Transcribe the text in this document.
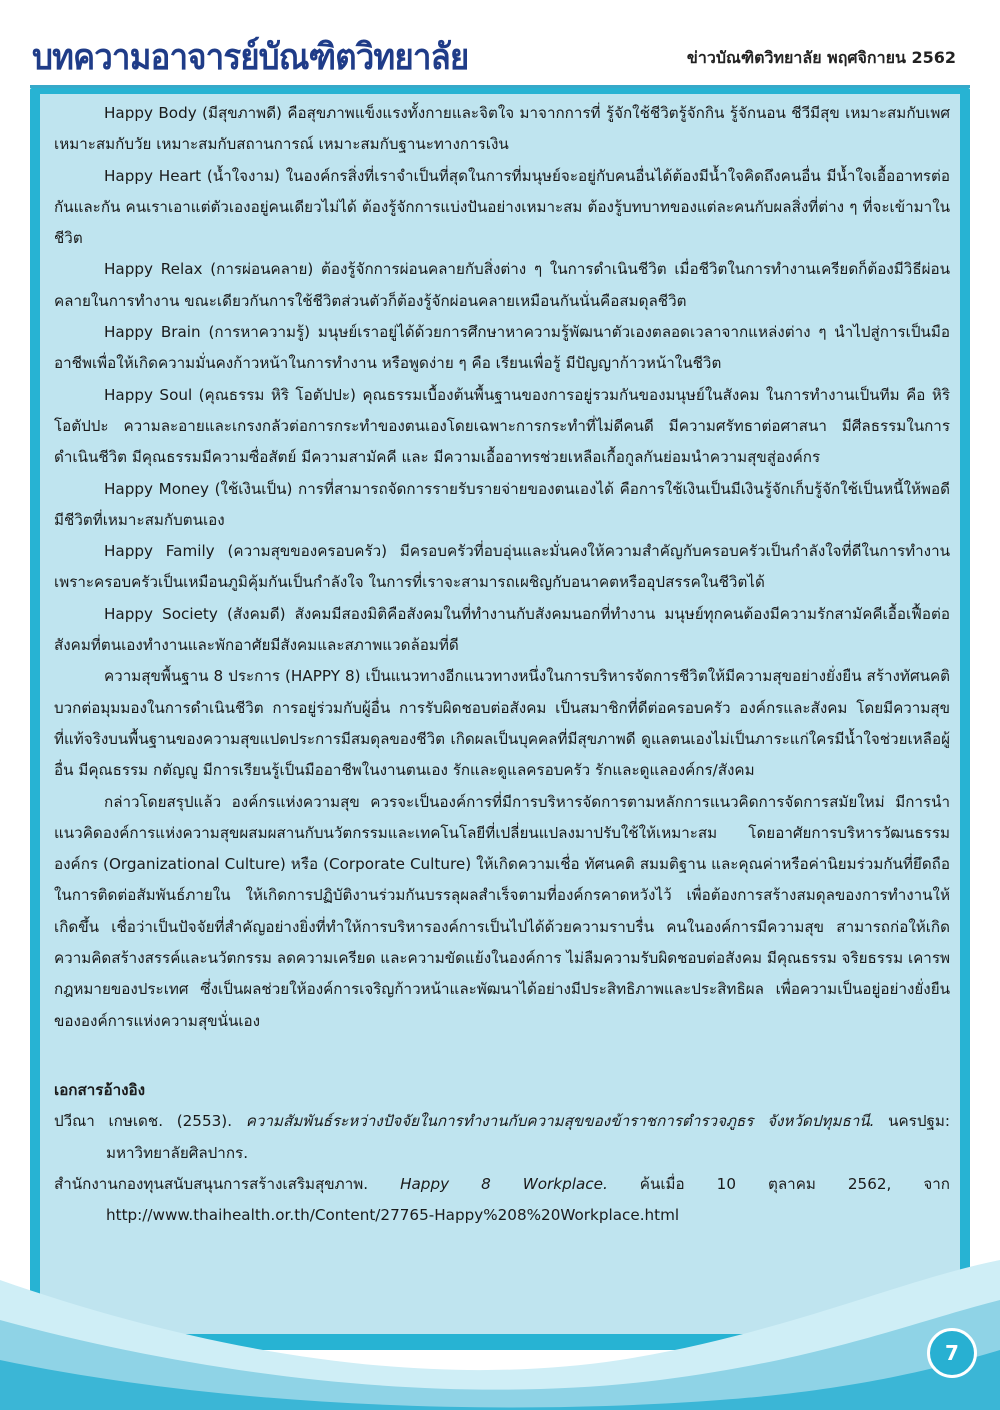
บทความอาจารย์บัณฑิตวิทยาลัย	ข่าวบัณฑิตวิทยาลัย พฤศจิกายน 2562

Happy Body (มีสุขภาพดี) คือสุขภาพแข็งแรงทั้งกายและจิตใจ มาจากการที่ รู้จักใช้ชีวิตรู้จักกิน รู้จักนอน ชีวีมีสุข เหมาะสมกับเพศ เหมาะสมกับวัย เหมาะสมกับสถานการณ์ เหมาะสมกับฐานะทางการเงิน

Happy Heart (น้ำใจงาม) ในองค์กรสิ่งที่เราจำเป็นที่สุดในการที่มนุษย์จะอยู่กับคนอื่นได้ต้องมีน้ำใจคิดถึงคนอื่น มีน้ำใจเอื้ออาทรต่อกันและกัน คนเราเอาแต่ตัวเองอยู่คนเดียวไม่ได้ ต้องรู้จักการแบ่งปันอย่างเหมาะสม ต้องรู้บทบาทของแต่ละคนกับผลสิ่งที่ต่าง ๆ ที่จะเข้ามาในชีวิต

Happy Relax (การผ่อนคลาย) ต้องรู้จักการผ่อนคลายกับสิ่งต่าง ๆ ในการดำเนินชีวิต เมื่อชีวิตในการทำงานเครียดก็ต้องมีวิธีผ่อนคลายในการทำงาน ขณะเดียวกันการใช้ชีวิตส่วนตัวก็ต้องรู้จักผ่อนคลายเหมือนกันนั่นคือสมดุลชีวิต

Happy Brain (การหาความรู้) มนุษย์เราอยู่ได้ด้วยการศึกษาหาความรู้พัฒนาตัวเองตลอดเวลาจากแหล่งต่าง ๆ นำไปสู่การเป็นมืออาชีพเพื่อให้เกิดความมั่นคงก้าวหน้าในการทำงาน หรือพูดง่าย ๆ คือ เรียนเพื่อรู้ มีปัญญาก้าวหน้าในชีวิต

Happy Soul (คุณธรรม หิริ โอตัปปะ) คุณธรรมเบื้องต้นพื้นฐานของการอยู่รวมกันของมนุษย์ในสังคม ในการทำงานเป็นทีม คือ หิริ โอตัปปะ ความละอายและเกรงกลัวต่อการกระทำของตนเองโดยเฉพาะการกระทำที่ไม่ดีคนดี มีความศรัทธาต่อศาสนา มีศีลธรรมในการดำเนินชีวิต มีคุณธรรมมีความซื่อสัตย์ มีความสามัคคี และ มีความเอื้ออาทรช่วยเหลือเกื้อกูลกันย่อมนำความสุขสู่องค์กร

Happy Money (ใช้เงินเป็น) การที่สามารถจัดการรายรับรายจ่ายของตนเองได้ คือการใช้เงินเป็นมีเงินรู้จักเก็บรู้จักใช้เป็นหนี้ให้พอดี มีชีวิตที่เหมาะสมกับตนเอง

Happy Family (ความสุขของครอบครัว) มีครอบครัวที่อบอุ่นและมั่นคงให้ความสำคัญกับครอบครัวเป็นกำลังใจที่ดีในการทำงาน เพราะครอบครัวเป็นเหมือนภูมิคุ้มกันเป็นกำลังใจ ในการที่เราจะสามารถเผชิญกับอนาคตหรืออุปสรรคในชีวิตได้

Happy Society (สังคมดี) สังคมมีสองมิติคือสังคมในที่ทำงานกับสังคมนอกที่ทำงาน มนุษย์ทุกคนต้องมีความรักสามัคคีเอื้อเฟื้อต่อสังคมที่ตนเองทำงานและพักอาศัยมีสังคมและสภาพแวดล้อมที่ดี

ความสุขพื้นฐาน 8 ประการ (HAPPY 8) เป็นแนวทางอีกแนวทางหนึ่งในการบริหารจัดการชีวิตให้มีความสุขอย่างยั่งยืน สร้างทัศนคติบวกต่อมุมมองในการดำเนินชีวิต การอยู่ร่วมกับผู้อื่น การรับผิดชอบต่อสังคม เป็นสมาชิกที่ดีต่อครอบครัว องค์กรและสังคม โดยมีความสุขที่แท้จริงบนพื้นฐานของความสุขแปดประการมีสมดุลของชีวิต เกิดผลเป็นบุคคลที่มีสุขภาพดี ดูแลตนเองไม่เป็นภาระแก่ใครมีน้ำใจช่วยเหลือผู้อื่น มีคุณธรรม กตัญญู มีการเรียนรู้เป็นมืออาชีพในงานตนเอง รักและดูแลครอบครัว รักและดูแลองค์กร/สังคม

กล่าวโดยสรุปแล้ว องค์กรแห่งความสุข ควรจะเป็นองค์การที่มีการบริหารจัดการตามหลักการแนวคิดการจัดการสมัยใหม่ มีการนำแนวคิดองค์การแห่งความสุขผสมผสานกับนวัตกรรมและเทคโนโลยีที่เปลี่ยนแปลงมาปรับใช้ให้เหมาะสม โดยอาศัยการบริหารวัฒนธรรมองค์กร (Organizational Culture) หรือ (Corporate Culture) ให้เกิดความเชื่อ ทัศนคติ สมมติฐาน และคุณค่าหรือค่านิยมร่วมกันที่ยึดถือในการติดต่อสัมพันธ์ภายใน ให้เกิดการปฏิบัติงานร่วมกันบรรลุผลสำเร็จตามที่องค์กรคาดหวังไว้ เพื่อต้องการสร้างสมดุลของการทำงานให้เกิดขึ้น เชื่อว่าเป็นปัจจัยที่สำคัญอย่างยิ่งที่ทำให้การบริหารองค์การเป็นไปได้ด้วยความราบรื่น คนในองค์การมีความสุข สามารถก่อให้เกิดความคิดสร้างสรรค์และนวัตกรรม ลดความเครียด และความขัดแย้งในองค์การ ไม่ลืมความรับผิดชอบต่อสังคม มีคุณธรรม จริยธรรม เคารพกฎหมายของประเทศ ซึ่งเป็นผลช่วยให้องค์การเจริญก้าวหน้าและพัฒนาได้อย่างมีประสิทธิภาพและประสิทธิผล เพื่อความเป็นอยู่อย่างยั่งยืนขององค์การแห่งความสุขนั่นเอง

เอกสารอ้างอิง
ปวีณา เกษเดช. (2553). ความสัมพันธ์ระหว่างปัจจัยในการทำงานกับความสุขของข้าราชการตำรวจภูธร จังหวัดปทุมธานี. นครปฐม: มหาวิทยาลัยศิลปากร.
สำนักงานกองทุนสนับสนุนการสร้างเสริมสุขภาพ. Happy 8 Workplace. ค้นเมื่อ 10 ตุลาคม 2562, จาก http://www.thaihealth.or.th/Content/27765-Happy%208%20Workplace.html
7
